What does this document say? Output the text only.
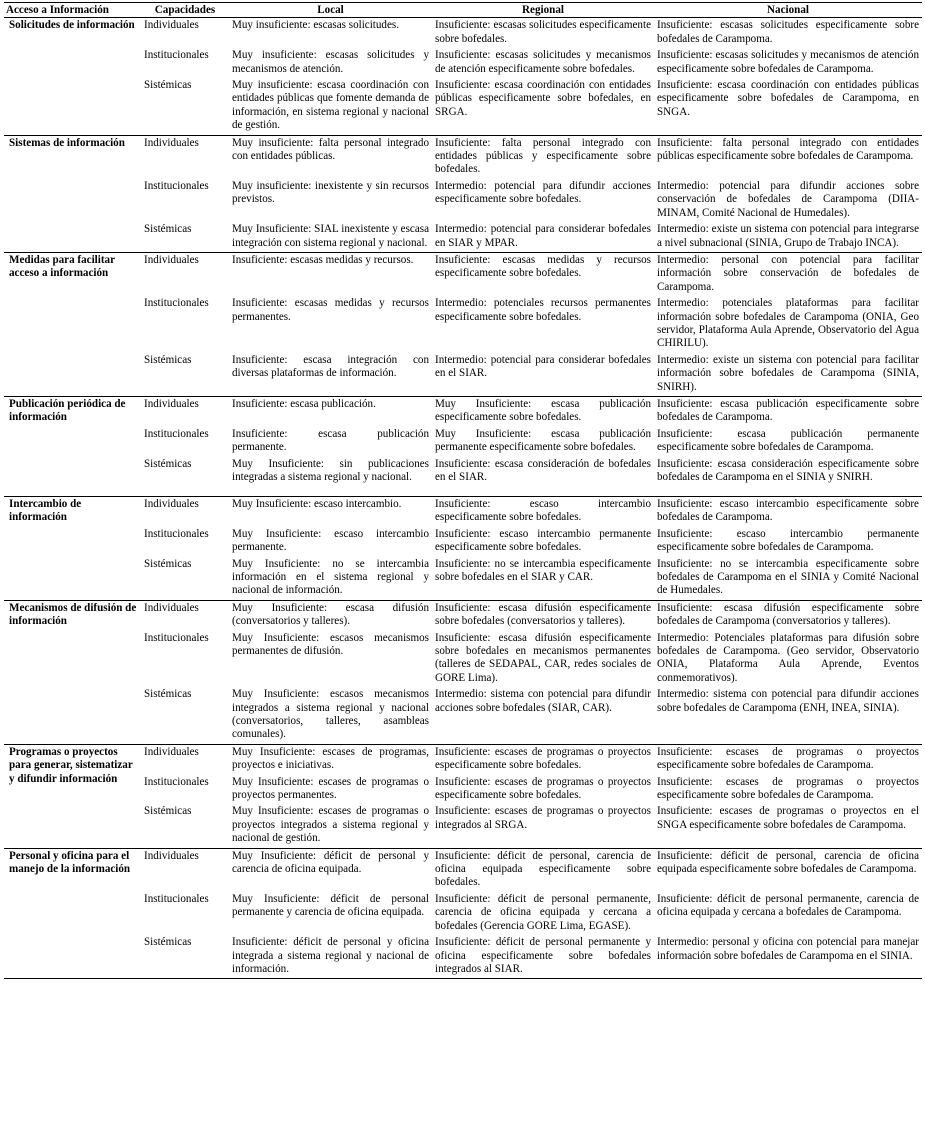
Acceso a Información	Capacidades	Local	Regional	Nacional
Solicitudes de información	Individuales	Muy insuficiente: escasas solicitudes.	Insuficiente: escasas solicitudes especificamente sobre bofedales.	Insuficiente: escasas solicitudes especificamente sobre bofedales de Carampoma.
	Institucionales	Muy insuficiente: escasas solicitudes y mecanismos de atención.	Insuficiente: escasas solicitudes y mecanismos de atención especificamente sobre bofedales.	Insuficiente: escasas solicitudes y mecanismos de atención especificamente sobre bofedales de Carampoma.
	Sistémicas	Muy insuficiente: escasa coordinación con entidades públicas que fomente demanda de información, en sistema regional y nacional de gestión.	Insuficiente: escasa coordinación con entidades públicas especificamente sobre bofedales, en SRGA.	Insuficiente: escasa coordinación con entidades públicas especificamente sobre bofedales de Carampoma, en SNGA.
Sistemas de información	Individuales	Muy insuficiente: falta personal integrado con entidades públicas.	Insuficiente: falta personal integrado con entidades públicas y especificamente sobre bofedales.	Insuficiente: falta personal integrado con entidades públicas especificamente sobre bofedales de Carampoma.
	Institucionales	Muy insuficiente: inexistente y sin recursos previstos.	Intermedio: potencial para difundir acciones especificamente sobre bofedales.	Intermedio: potencial para difundir acciones sobre conservación de bofedales de Carampoma (DIIA-MINAM, Comité Nacional de Humedales).
	Sistémicas	Muy Insuficiente: SIAL inexistente y escasa integración con sistema regional y nacional.	Intermedio: potencial para considerar bofedales en SIAR y MPAR.	Intermedio: existe un sistema con potencial para integrarse a nivel subnacional (SINIA, Grupo de Trabajo INCA).
Medidas para facilitar acceso a información	Individuales	Insuficiente: escasas medidas y recursos.	Insuficiente: escasas medidas y recursos especificamente sobre bofedales.	Intermedio: personal con potencial para facilitar información sobre conservación de bofedales de Carampoma.
	Institucionales	Insuficiente: escasas medidas y recursos permanentes.	Intermedio: potenciales recursos permanentes especificamente sobre bofedales.	Intermedio: potenciales plataformas para facilitar información sobre bofedales de Carampoma (ONIA, Geo servidor, Plataforma Aula Aprende, Observatorio del Agua CHIRILU).
	Sistémicas	Insuficiente: escasa integración con diversas plataformas de información.	Intermedio: potencial para considerar bofedales en el SIAR.	Intermedio: existe un sistema con potencial para facilitar información sobre bofedales de Carampoma (SINIA, SNIRH).
Publicación periódica de información	Individuales	Insuficiente: escasa publicación.	Muy Insuficiente: escasa publicación especificamente sobre bofedales.	Insuficiente: escasa publicación especificamente sobre bofedales de Carampoma.
	Institucionales	Insuficiente: escasa publicación permanente.	Muy Insuficiente: escasa publicación permanente especificamente sobre bofedales.	Insuficiente: escasa publicación permanente especificamente sobre bofedales de Carampoma.
	Sistémicas	Muy Insuficiente: sin publicaciones integradas a sistema regional y nacional.	Insuficiente: escasa consideración de bofedales en el SIAR.	Insuficiente: escasa consideración especificamente sobre bofedales de Carampoma en el SINIA y SNIRH.

Intercambio de información	Individuales	Muy Insuficiente: escaso intercambio.	Insuficiente: escaso intercambio especificamente sobre bofedales.	Insuficiente: escaso intercambio especificamente sobre bofedales de Carampoma.
	Institucionales	Muy Insuficiente: escaso intercambio permanente.	Insuficiente: escaso intercambio permanente especificamente sobre bofedales.	Insuficiente: escaso intercambio permanente especificamente sobre bofedales de Carampoma.
	Sistémicas	Muy Insuficiente: no se intercambia información en el sistema regional y nacional de información.	Insuficiente: no se intercambia especificamente sobre bofedales en el SIAR y CAR.	Insuficiente: no se intercambia especificamente sobre bofedales de Carampoma en el SINIA y Comité Nacional de Humedales.
Mecanismos de difusión de información	Individuales	Muy Insuficiente: escasa difusión (conversatorios y talleres).	Insuficiente: escasa difusión especificamente sobre bofedales (conversatorios y talleres).	Insuficiente: escasa difusión especificamente sobre bofedales de Carampoma (conversatorios y talleres).
	Institucionales	Muy Insuficiente: escasos mecanismos permanentes de difusión.	Insuficiente: escasa difusión especificamente sobre bofedales en mecanismos permanentes (talleres de SEDAPAL, CAR, redes sociales de GORE Lima).	Intermedio: Potenciales plataformas para difusión sobre bofedales de Carampoma. (Geo servidor, Observatorio ONIA, Plataforma Aula Aprende, Eventos conmemorativos).
	Sistémicas	Muy Insuficiente: escasos mecanismos integrados a sistema regional y nacional (conversatorios, talleres, asambleas comunales).	Intermedio: sistema con potencial para difundir acciones sobre bofedales (SIAR, CAR).	Intermedio: sistema con potencial para difundir acciones sobre bofedales de Carampoma (ENH, INEA, SINIA).
Programas o proyectos para generar, sistematizar y difundir información	Individuales	Muy Insuficiente: escases de programas, proyectos e iniciativas.	Insuficiente: escases de programas o proyectos especificamente sobre bofedales.	Insuficiente: escases de programas o proyectos especificamente sobre bofedales de Carampoma.
	Institucionales	Muy Insuficiente: escases de programas o proyectos permanentes.	Insuficiente: escases de programas o proyectos especificamente sobre bofedales.	Insuficiente: escases de programas o proyectos especificamente sobre bofedales de Carampoma.
	Sistémicas	Muy Insuficiente: escases de programas o proyectos integrados a sistema regional y nacional de gestión.	Insuficiente: escases de programas o proyectos integrados al SRGA.	Insuficiente: escases de programas o proyectos en el SNGA especificamente sobre bofedales de Carampoma.
Personal y oficina para el manejo de la información	Individuales	Muy Insuficiente: déficit de personal y carencia de oficina equipada.	Insuficiente: déficit de personal, carencia de oficina equipada especificamente sobre bofedales.	Insuficiente: déficit de personal, carencia de oficina equipada especificamente sobre bofedales de Carampoma.
	Institucionales	Muy Insuficiente: déficit de personal permanente y carencia de oficina equipada.	Insuficiente: déficit de personal permanente, carencia de oficina equipada y cercana a bofedales (Gerencia GORE Lima, EGASE).	Insuficiente: déficit de personal permanente, carencia de oficina equipada y cercana a bofedales de Carampoma.
	Sistémicas	Insuficiente: déficit de personal y oficina integrada a sistema regional y nacional de información.	Insuficiente: déficit de personal permanente y oficina especificamente sobre bofedales integrados al SIAR.	Intermedio: personal y oficina con potencial para manejar información sobre bofedales de Carampoma en el SINIA.
